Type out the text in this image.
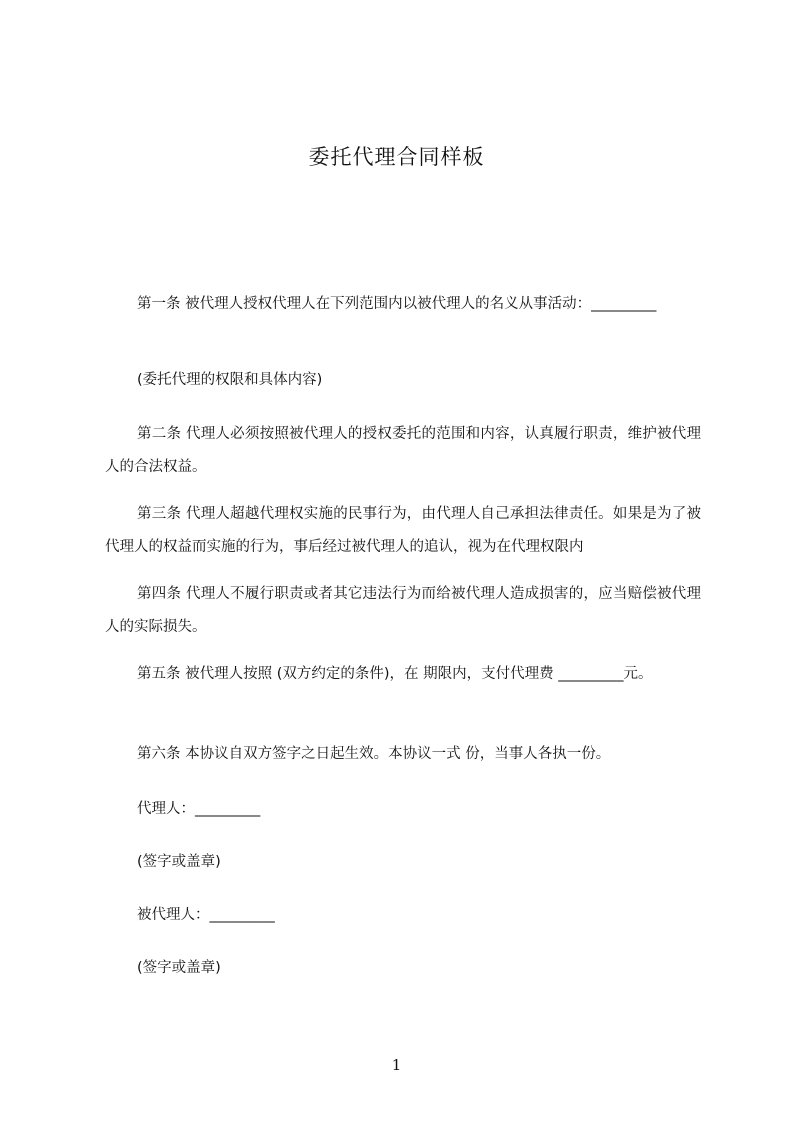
委托代理合同样板
第一条 被代理人授权代理人在下列范围内以被代理人的名义从事活动：_________
(委托代理的权限和具体内容)
第二条 代理人必须按照被代理人的授权委托的范围和内容，认真履行职责，维护被代理人的合法权益。
第三条 代理人超越代理权实施的民事行为，由代理人自己承担法律责任。如果是为了被代理人的权益而实施的行为，事后经过被代理人的追认，视为在代理权限内
第四条 代理人不履行职责或者其它违法行为而给被代理人造成损害的，应当赔偿被代理人的实际损失。
第五条 被代理人按照 (双方约定的条件)，在 期限内，支付代理费 _________元。
第六条 本协议自双方签字之日起生效。本协议一式 份，当事人各执一份。
代理人：_________
(签字或盖章)
被代理人：_________
(签字或盖章)
1
